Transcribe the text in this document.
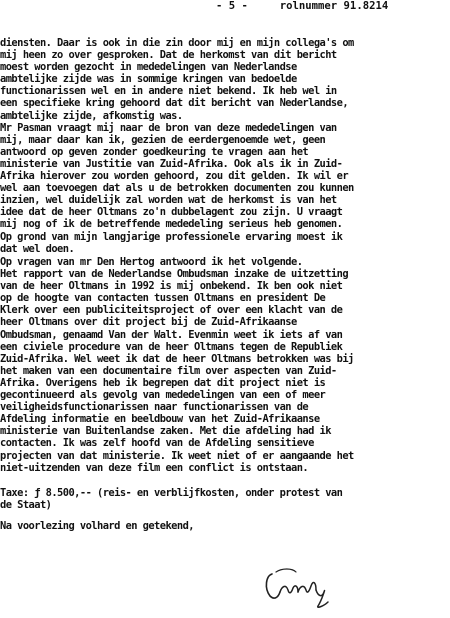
- 5 -     rolnummer 91.8214
diensten. Daar is ook in die zin door mij en mijn collega's om
mij heen zo over gesproken. Dat de herkomst van dit bericht
moest worden gezocht in mededelingen van Nederlandse
ambtelijke zijde was in sommige kringen van bedoelde
functionarissen wel en in andere niet bekend. Ik heb wel in
een specifieke kring gehoord dat dit bericht van Nederlandse,
ambtelijke zijde, afkomstig was.
Mr Pasman vraagt mij naar de bron van deze mededelingen van
mij, maar daar kan ik, gezien de eerdergenoemde wet, geen
antwoord op geven zonder goedkeuring te vragen aan het
ministerie van Justitie van Zuid-Afrika. Ook als ik in Zuid-
Afrika hierover zou worden gehoord, zou dit gelden. Ik wil er
wel aan toevoegen dat als u de betrokken documenten zou kunnen
inzien, wel duidelijk zal worden wat de herkomst is van het
idee dat de heer Oltmans zo'n dubbelagent zou zijn. U vraagt
mij nog of ik de betreffende mededeling serieus heb genomen.
Op grond van mijn langjarige professionele ervaring moest ik
dat wel doen.
Op vragen van mr Den Hertog antwoord ik het volgende.
Het rapport van de Nederlandse Ombudsman inzake de uitzetting
van de heer Oltmans in 1992 is mij onbekend. Ik ben ook niet
op de hoogte van contacten tussen Oltmans en president De
Klerk over een publiciteitsproject of over een klacht van de
heer Oltmans over dit project bij de Zuid-Afrikaanse
Ombudsman, genaamd Van der Walt. Evenmin weet ik iets af van
een civiele procedure van de heer Oltmans tegen de Republiek
Zuid-Afrika. Wel weet ik dat de heer Oltmans betrokken was bij
het maken van een documentaire film over aspecten van Zuid-
Afrika. Overigens heb ik begrepen dat dit project niet is
gecontinueerd als gevolg van mededelingen van een of meer
veiligheidsfunctionarissen naar functionarissen van de
Afdeling informatie en beeldbouw van het Zuid-Afrikaanse
ministerie van Buitenlandse zaken. Met die afdeling had ik
contacten. Ik was zelf hoofd van de Afdeling sensitieve
projecten van dat ministerie. Ik weet niet of er aangaande het
niet-uitzenden van deze film een conflict is ontstaan.
Taxe: ƒ 8.500,-- (reis- en verblijfkosten, onder protest van
de Staat)
Na voorlezing volhard en getekend,
